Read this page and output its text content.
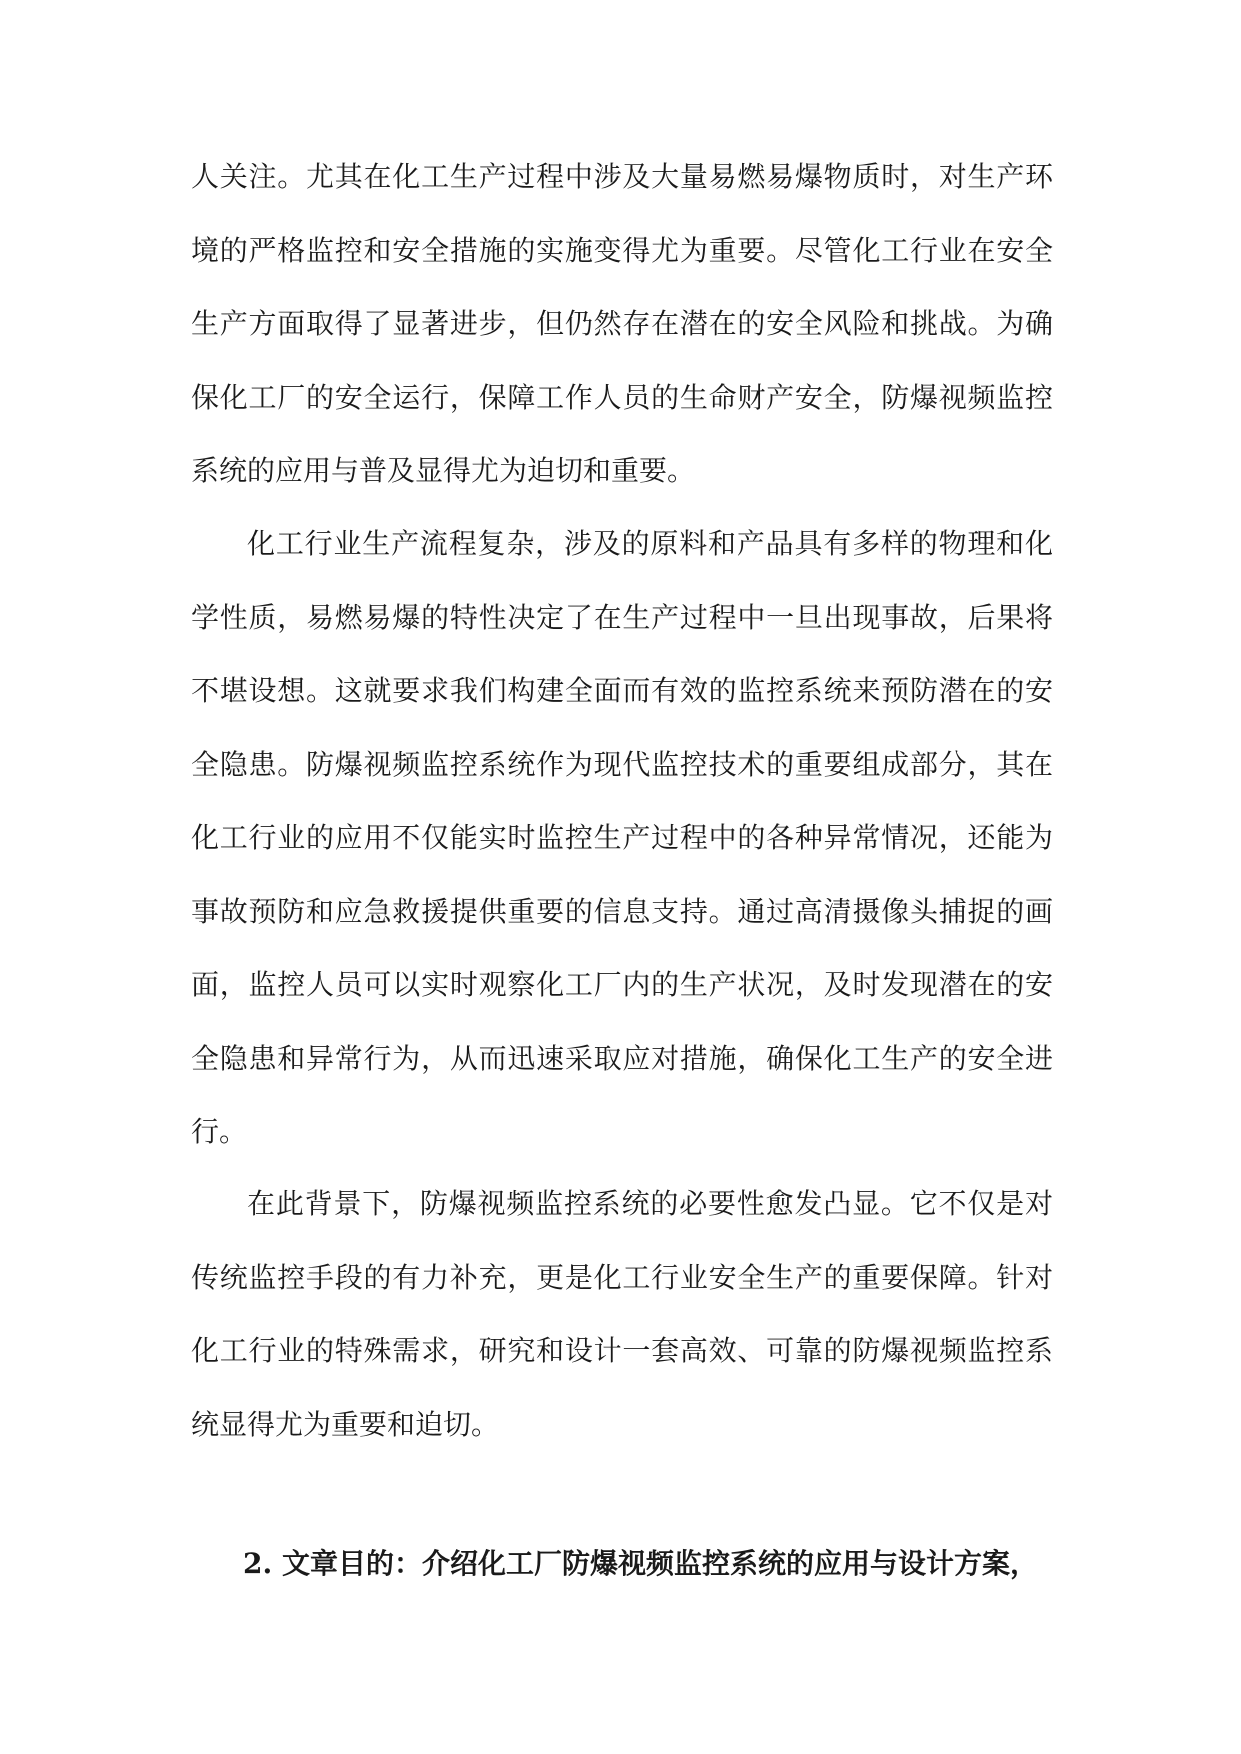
人关注。尤其在化工生产过程中涉及大量易燃易爆物质时，对生产环境的严格监控和安全措施的实施变得尤为重要。尽管化工行业在安全生产方面取得了显著进步，但仍然存在潜在的安全风险和挑战。为确保化工厂的安全运行，保障工作人员的生命财产安全，防爆视频监控系统的应用与普及显得尤为迫切和重要。

化工行业生产流程复杂，涉及的原料和产品具有多样的物理和化学性质，易燃易爆的特性决定了在生产过程中一旦出现事故，后果将不堪设想。这就要求我们构建全面而有效的监控系统来预防潜在的安全隐患。防爆视频监控系统作为现代监控技术的重要组成部分，其在化工行业的应用不仅能实时监控生产过程中的各种异常情况，还能为事故预防和应急救援提供重要的信息支持。通过高清摄像头捕捉的画面，监控人员可以实时观察化工厂内的生产状况，及时发现潜在的安全隐患和异常行为，从而迅速采取应对措施，确保化工生产的安全进行。

在此背景下，防爆视频监控系统的必要性愈发凸显。它不仅是对传统监控手段的有力补充，更是化工行业安全生产的重要保障。针对化工行业的特殊需求，研究和设计一套高效、可靠的防爆视频监控系统显得尤为重要和迫切。

2. 文章目的：介绍化工厂防爆视频监控系统的应用与设计方案，
